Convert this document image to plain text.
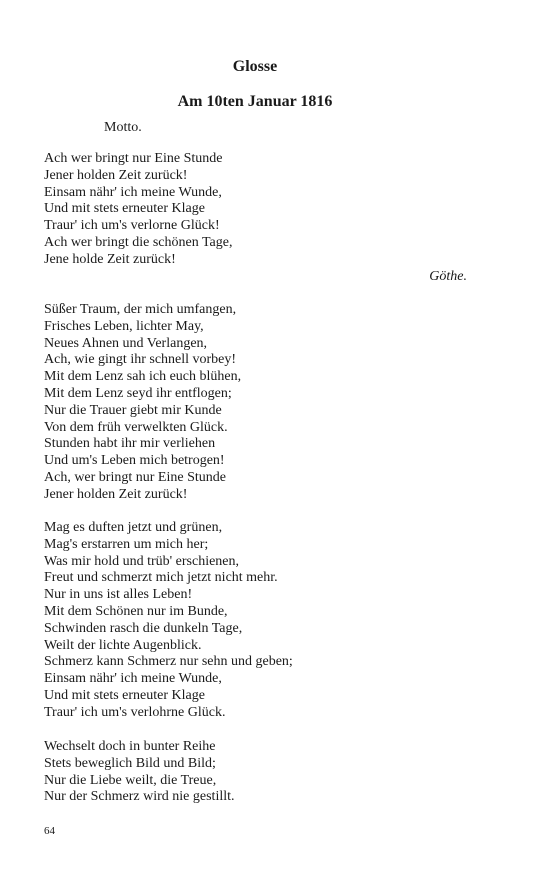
Glosse
Am 10ten Januar 1816
Motto.
Ach wer bringt nur Eine Stunde
Jener holden Zeit zurück!
Einsam nähr' ich meine Wunde,
Und mit stets erneuter Klage
Traur' ich um's verlorne Glück!
Ach wer bringt die schönen Tage,
Jene holde Zeit zurück!
Göthe.
Süßer Traum, der mich umfangen,
Frisches Leben, lichter May,
Neues Ahnen und Verlangen,
Ach, wie gingt ihr schnell vorbey!
Mit dem Lenz sah ich euch blühen,
Mit dem Lenz seyd ihr entflogen;
Nur die Trauer giebt mir Kunde
Von dem früh verwelkten Glück.
Stunden habt ihr mir verliehen
Und um's Leben mich betrogen!
Ach, wer bringt nur Eine Stunde
Jener holden Zeit zurück!
Mag es duften jetzt und grünen,
Mag's erstarren um mich her;
Was mir hold und trüb' erschienen,
Freut und schmerzt mich jetzt nicht mehr.
Nur in uns ist alles Leben!
Mit dem Schönen nur im Bunde,
Schwinden rasch die dunkeln Tage,
Weilt der lichte Augenblick.
Schmerz kann Schmerz nur sehn und geben;
Einsam nähr' ich meine Wunde,
Und mit stets erneuter Klage
Traur' ich um's verlohrne Glück.
Wechselt doch in bunter Reihe
Stets beweglich Bild und Bild;
Nur die Liebe weilt, die Treue,
Nur der Schmerz wird nie gestillt.
64
